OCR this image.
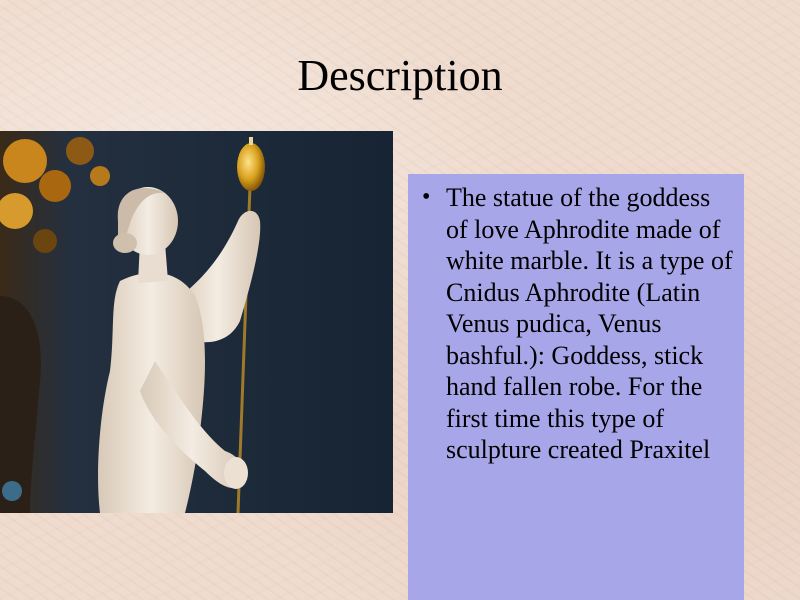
Description
• The statue of the goddess of love Aphrodite made of white marble. It is a type of Cnidus Aphrodite (Latin Venus pudica, Venus bashful.): Goddess, stick hand fallen robe. For the first time this type of sculpture created Praxitel
